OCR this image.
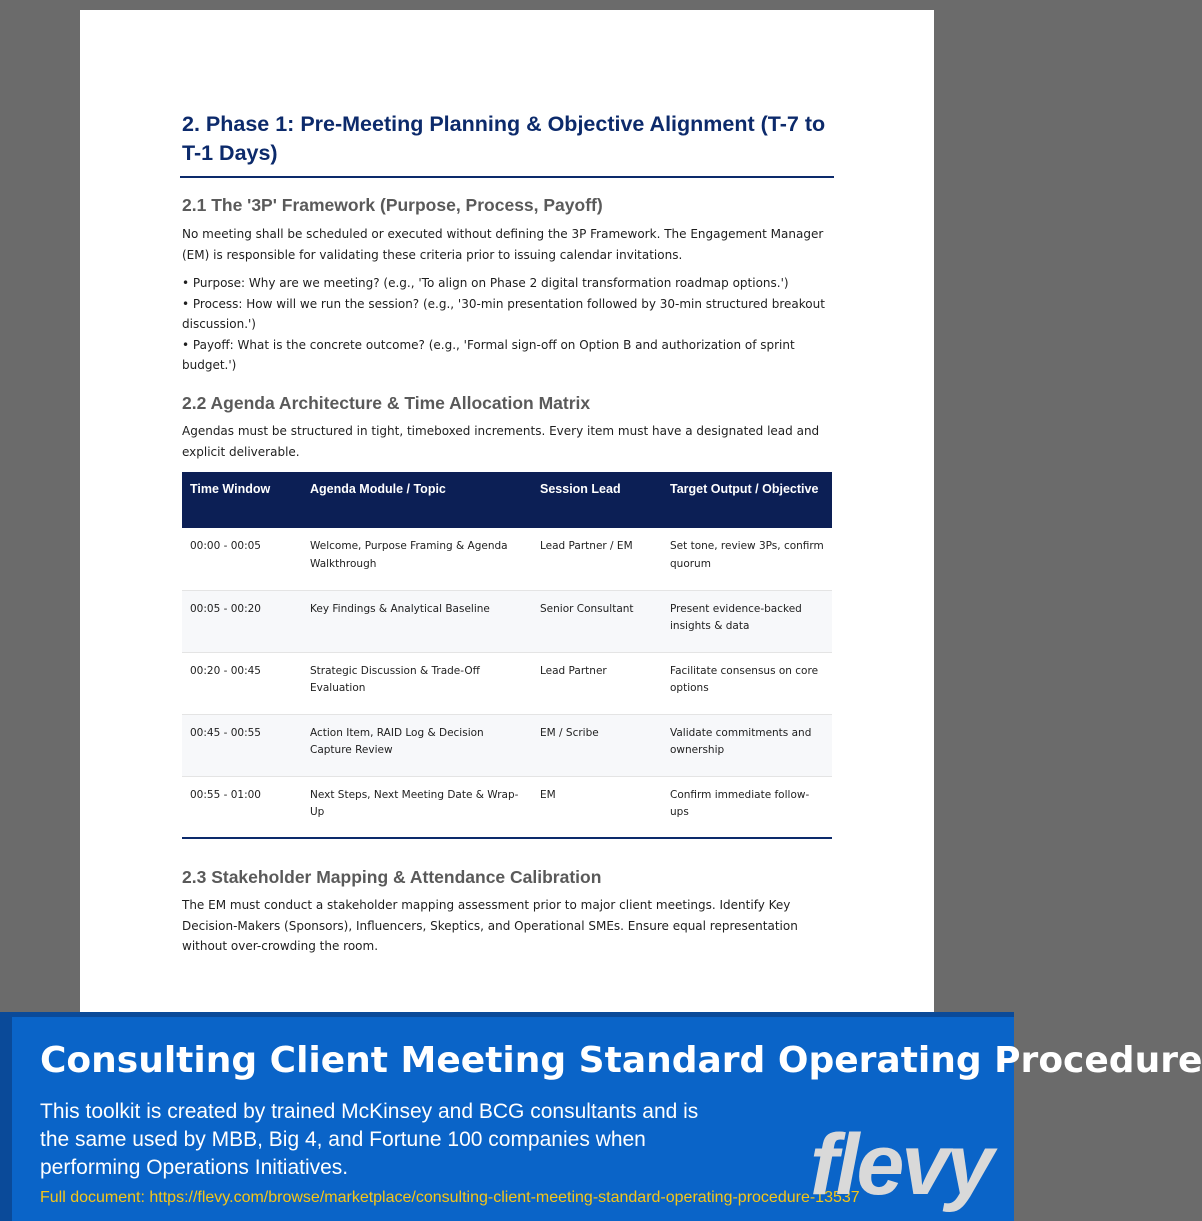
2. Phase 1: Pre-Meeting Planning & Objective Alignment (T-7 to T-1 Days)
2.1 The '3P' Framework (Purpose, Process, Payoff)

No meeting shall be scheduled or executed without defining the 3P Framework. The Engagement Manager (EM) is responsible for validating these criteria prior to issuing calendar invitations.

• Purpose: Why are we meeting? (e.g., 'To align on Phase 2 digital transformation roadmap options.')
• Process: How will we run the session? (e.g., '30-min presentation followed by 30-min structured breakout discussion.')
• Payoff: What is the concrete outcome? (e.g., 'Formal sign-off on Option B and authorization of sprint budget.')
2.2 Agenda Architecture & Time Allocation Matrix

Agendas must be structured in tight, timeboxed increments. Every item must have a designated lead and explicit deliverable.

Time Window	Agenda Module / Topic	Session Lead	Target Output / Objective
00:00 - 00:05	Welcome, Purpose Framing & Agenda Walkthrough	Lead Partner / EM	Set tone, review 3Ps, confirm quorum
00:05 - 00:20	Key Findings & Analytical Baseline	Senior Consultant	Present evidence-backed insights & data
00:20 - 00:45	Strategic Discussion & Trade-Off Evaluation	Lead Partner	Facilitate consensus on core options
00:45 - 00:55	Action Item, RAID Log & Decision Capture Review	EM / Scribe	Validate commitments and ownership
00:55 - 01:00	Next Steps, Next Meeting Date & Wrap-Up	EM	Confirm immediate follow-ups
2.3 Stakeholder Mapping & Attendance Calibration

The EM must conduct a stakeholder mapping assessment prior to major client meetings. Identify Key Decision-Makers (Sponsors), Influencers, Skeptics, and Operational SMEs. Ensure equal representation without over-crowding the room.

Consulting Client Meeting Standard Operating Procedure

This toolkit is created by trained McKinsey and BCG consultants and is the same used by MBB, Big 4, and Fortune 100 companies when performing Operations Initiatives.

Full document: https://flevy.com/browse/marketplace/consulting-client-meeting-standard-operating-procedure-13537
flevy
